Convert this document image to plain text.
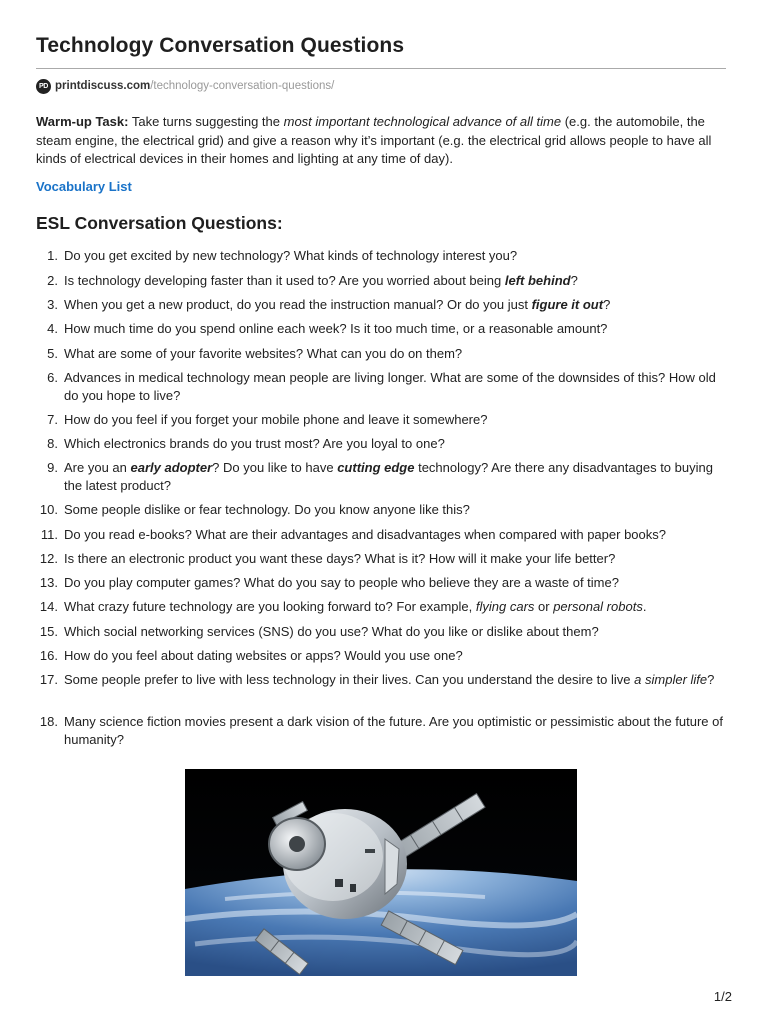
Technology Conversation Questions
PD printdiscuss.com /technology-conversation-questions/

Warm-up Task: Take turns suggesting the most important technological advance of all time (e.g. the automobile, the steam engine, the electrical grid) and give a reason why it’s important (e.g. the electrical grid allows people to have all kinds of electrical devices in their homes and lighting at any time of day).

Vocabulary List
ESL Conversation Questions:
1. Do you get excited by new technology? What kinds of technology interest you?
2. Is technology developing faster than it used to? Are you worried about being left behind?
3. When you get a new product, do you read the instruction manual? Or do you just figure it out?
4. How much time do you spend online each week? Is it too much time, or a reasonable amount?
5. What are some of your favorite websites? What can you do on them?
6. Advances in medical technology mean people are living longer. What are some of the downsides of this? How old do you hope to live?
7. How do you feel if you forget your mobile phone and leave it somewhere?
8. Which electronics brands do you trust most? Are you loyal to one?
9. Are you an early adopter? Do you like to have cutting edge technology? Are there any disadvantages to buying the latest product?
10. Some people dislike or fear technology. Do you know anyone like this?
11. Do you read e-books? What are their advantages and disadvantages when compared with paper books?
12. Is there an electronic product you want these days? What is it? How will it make your life better?
13. Do you play computer games? What do you say to people who believe they are a waste of time?
14. What crazy future technology are you looking forward to? For example, flying cars or personal robots.
15. Which social networking services (SNS) do you use? What do you like or dislike about them?
16. How do you feel about dating websites or apps? Would you use one?
17. Some people prefer to live with less technology in their lives. Can you understand the desire to live a simpler life?
18. Many science fiction movies present a dark vision of the future. Are you optimistic or pessimistic about the future of humanity?
1/2
